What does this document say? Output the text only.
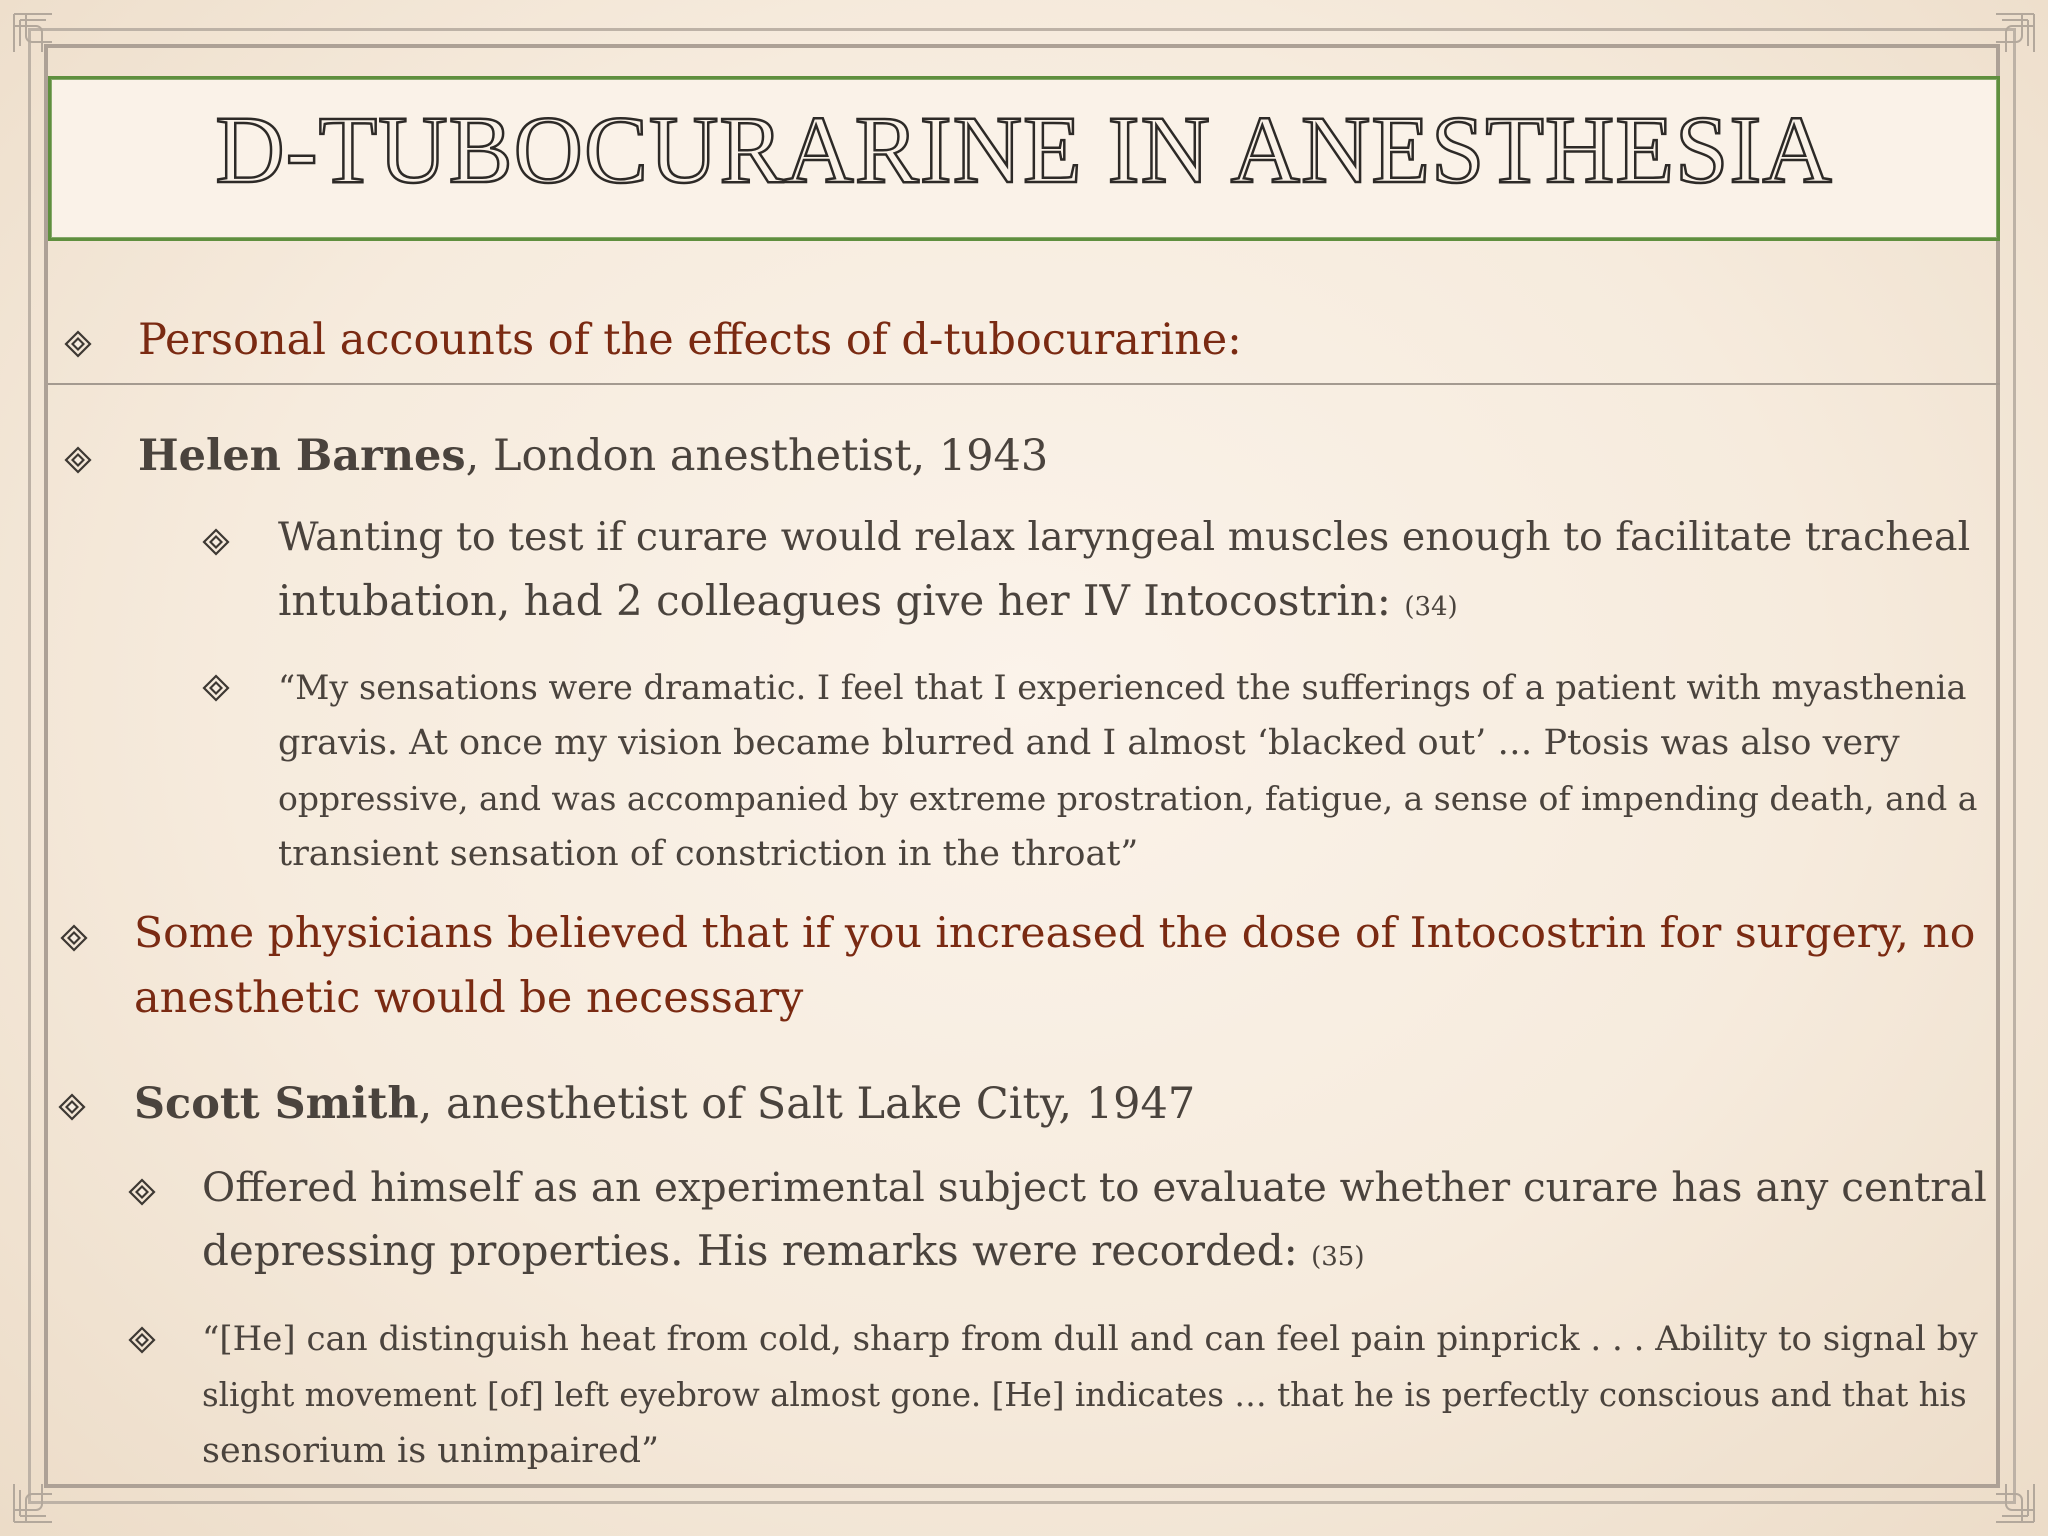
D-TUBOCURARINE IN ANESTHESIA
Personal accounts of the effects of d-tubocurarine:

Helen Barnes, London anesthetist, 1943

Wanting to test if curare would relax laryngeal muscles enough to facilitate tracheal

intubation, had 2 colleagues give her IV Intocostrin: (34)

“My sensations were dramatic. I feel that I experienced the sufferings of a patient with myasthenia
gravis. At once my vision became blurred and I almost ‘blacked out’ … Ptosis was also very
oppressive, and was accompanied by extreme prostration, fatigue, a sense of impending death, and a
transient sensation of constriction in the throat”
Some physicians believed that if you increased the dose of Intocostrin for surgery, no
anesthetic would be necessary

Scott Smith, anesthetist of Salt Lake City, 1947

Offered himself as an experimental subject to evaluate whether curare has any central

depressing properties. His remarks were recorded: (35)

“[He] can distinguish heat from cold, sharp from dull and can feel pain pinprick . . . Ability to signal by
slight movement [of] left eyebrow almost gone. [He] indicates … that he is perfectly conscious and that his
sensorium is unimpaired”
